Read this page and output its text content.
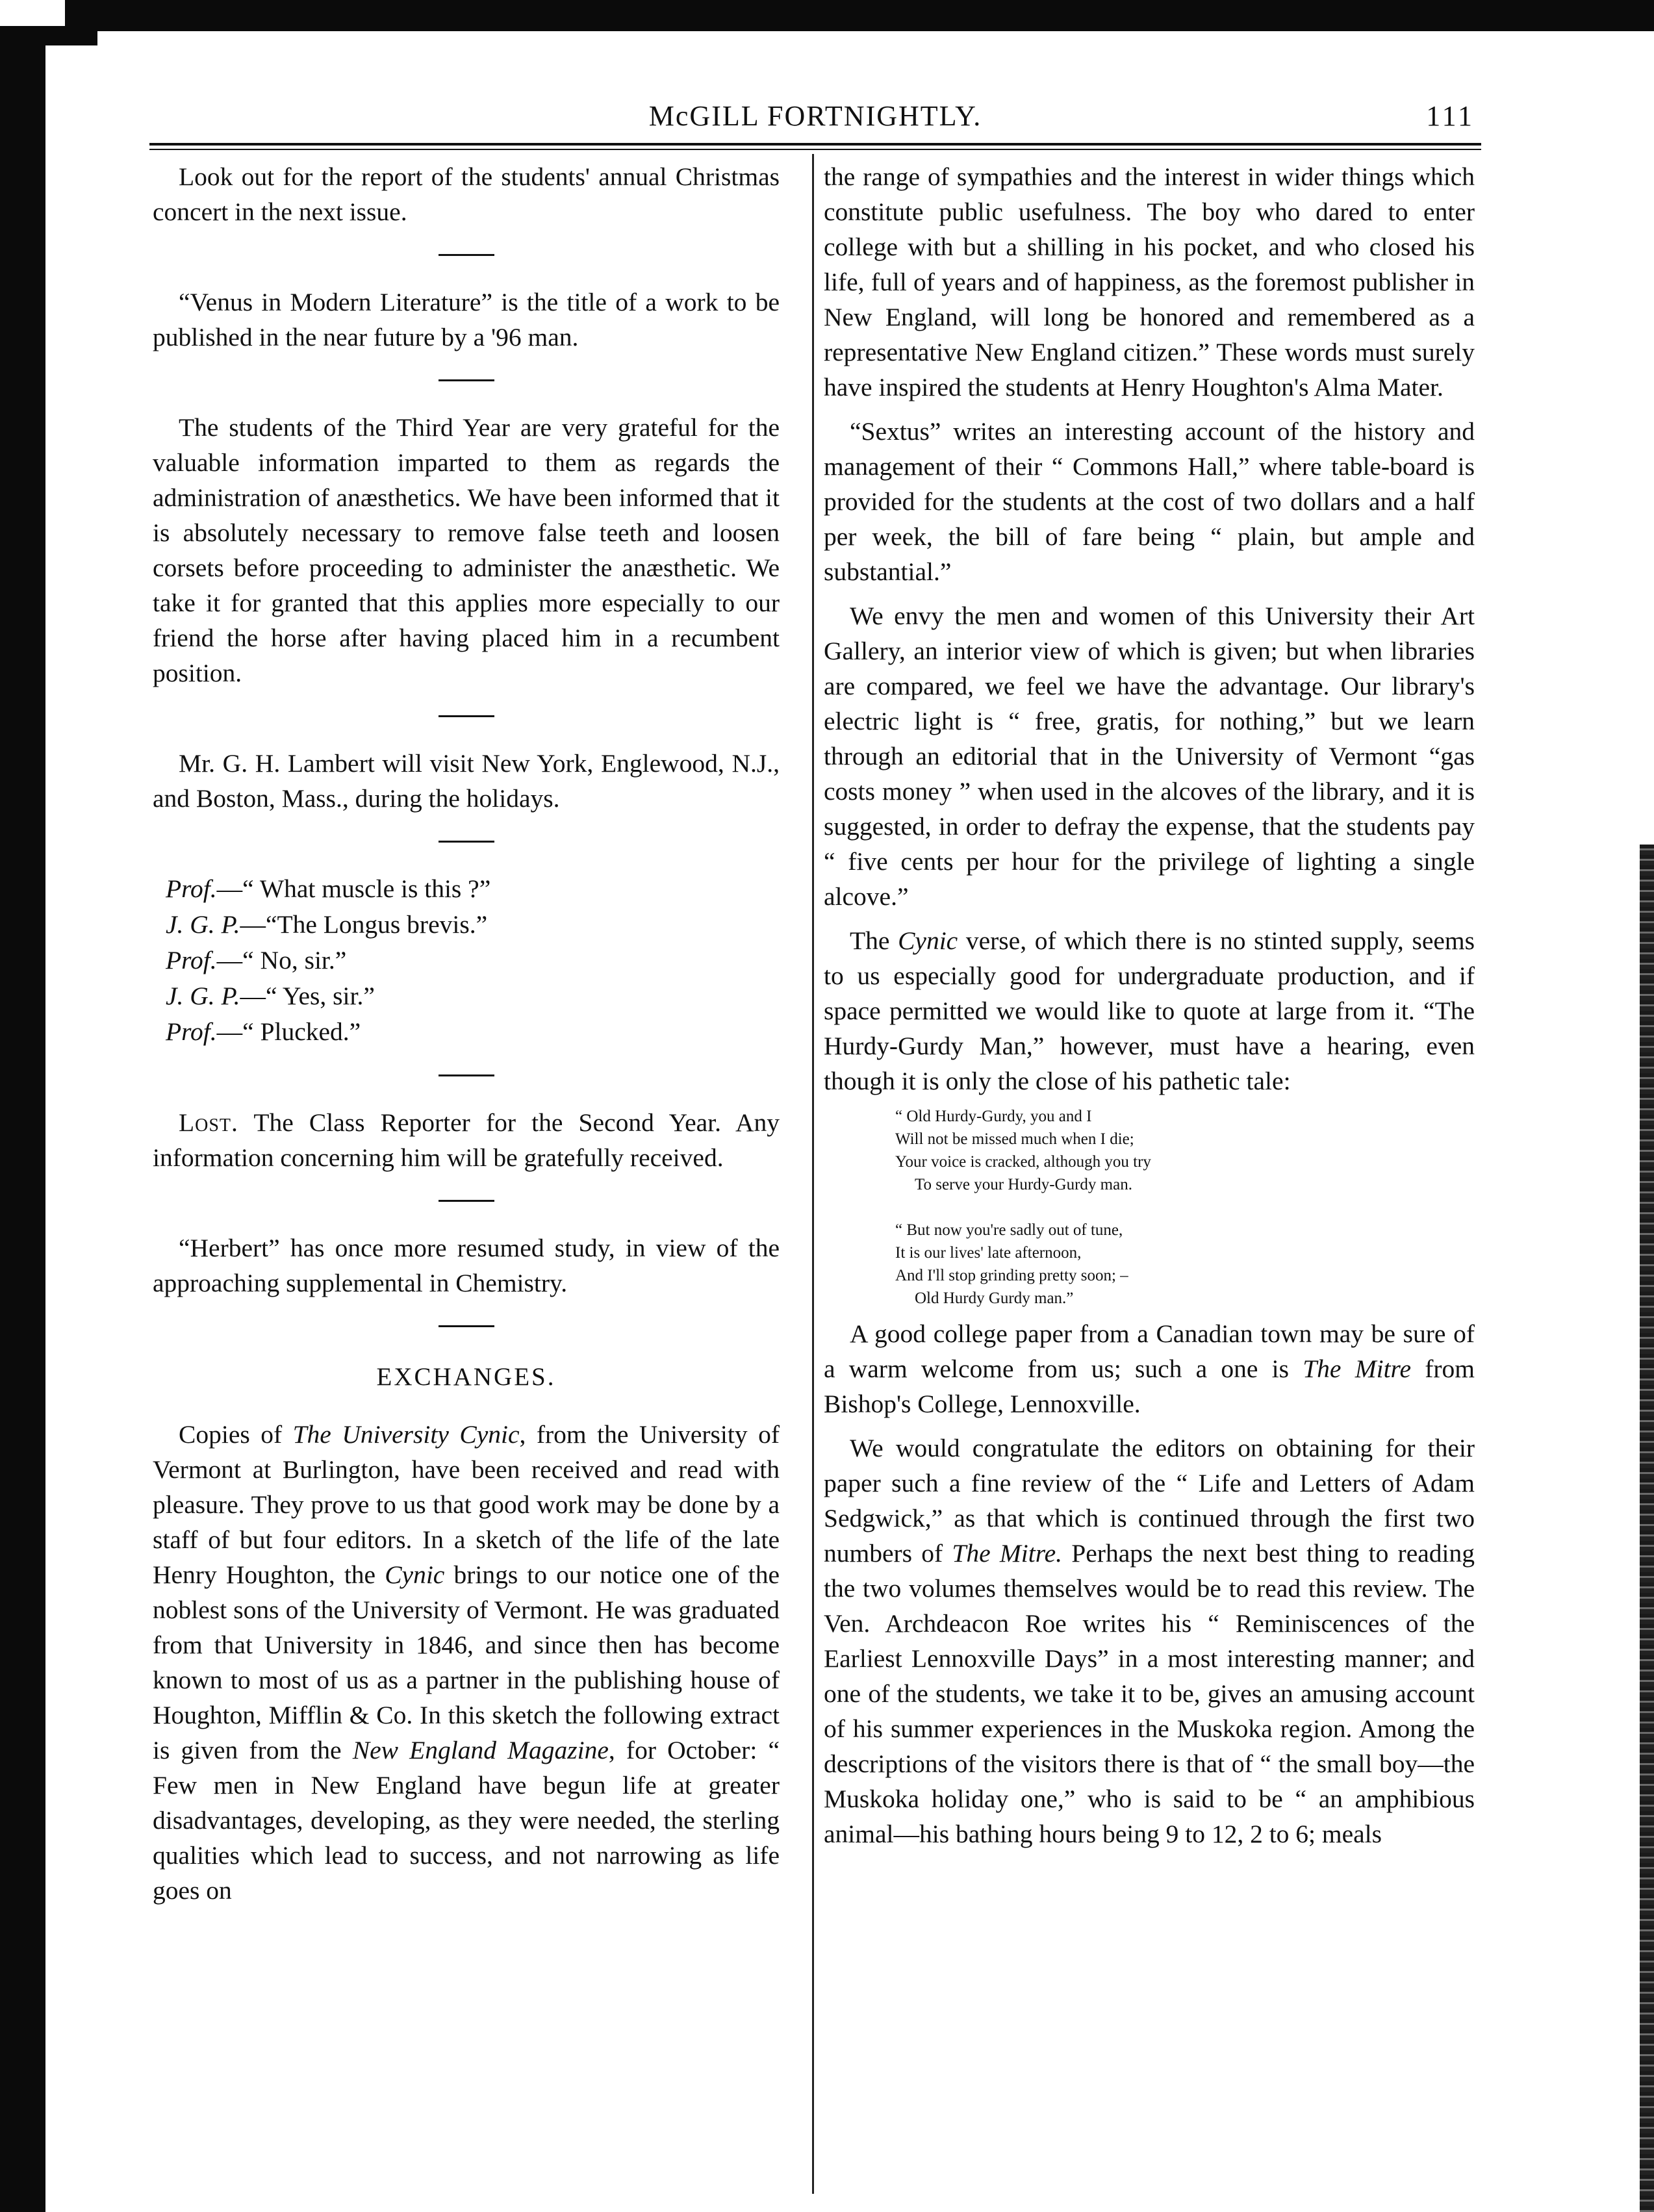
McGILL FORTNIGHTLY.	111

Look out for the report of the students' annual Christmas concert in the next issue.

“Venus in Modern Literature” is the title of a work to be published in the near future by a '96 man.

The students of the Third Year are very grateful for the valuable information imparted to them as regards the administration of anæsthetics. We have been informed that it is absolutely necessary to remove false teeth and loosen corsets before proceeding to administer the anæsthetic. We take it for granted that this applies more especially to our friend the horse after having placed him in a recumbent position.

Mr. G. H. Lambert will visit New York, Englewood, N.J., and Boston, Mass., during the holidays.

Prof.—“ What muscle is this ?”
J. G. P.—“The Longus brevis.”
Prof.—“ No, sir.”
J. G. P.—“ Yes, sir.”
Prof.—“ Plucked.”

Lost. The Class Reporter for the Second Year. Any information concerning him will be gratefully received.

“Herbert” has once more resumed study, in view of the approaching supplemental in Chemistry.

EXCHANGES.

Copies of The University Cynic, from the University of Vermont at Burlington, have been received and read with pleasure. They prove to us that good work may be done by a staff of but four editors. In a sketch of the life of the late Henry Houghton, the Cynic brings to our notice one of the noblest sons of the University of Vermont. He was graduated from that University in 1846, and since then has become known to most of us as a partner in the publishing house of Houghton, Mifflin & Co. In this sketch the following extract is given from the New England Magazine, for October: “ Few men in New England have begun life at greater disadvantages, developing, as they were needed, the sterling qualities which lead to success, and not narrowing as life goes on

the range of sympathies and the interest in wider things which constitute public usefulness. The boy who dared to enter college with but a shilling in his pocket, and who closed his life, full of years and of happiness, as the foremost publisher in New England, will long be honored and remembered as a representative New England citizen.” These words must surely have inspired the students at Henry Houghton's Alma Mater.

“Sextus” writes an interesting account of the history and management of their “ Commons Hall,” where table-board is provided for the students at the cost of two dollars and a half per week, the bill of fare being “ plain, but ample and substantial.”

We envy the men and women of this University their Art Gallery, an interior view of which is given; but when libraries are compared, we feel we have the advantage. Our library's electric light is “ free, gratis, for nothing,” but we learn through an editorial that in the University of Vermont “gas costs money ” when used in the alcoves of the library, and it is suggested, in order to defray the expense, that the students pay “ five cents per hour for the privilege of lighting a single alcove.”

The Cynic verse, of which there is no stinted supply, seems to us especially good for undergraduate production, and if space permitted we would like to quote at large from it. “The Hurdy-Gurdy Man,” however, must have a hearing, even though it is only the close of his pathetic tale:

“ Old Hurdy-Gurdy, you and I
Will not be missed much when I die;
Your voice is cracked, although you try
To serve your Hurdy-Gurdy man.
“ But now you're sadly out of tune,
It is our lives' late afternoon,
And I'll stop grinding pretty soon; –
Old Hurdy Gurdy man.”

A good college paper from a Canadian town may be sure of a warm welcome from us; such a one is The Mitre from Bishop's College, Lennoxville.

We would congratulate the editors on obtaining for their paper such a fine review of the “ Life and Letters of Adam Sedgwick,” as that which is continued through the first two numbers of The Mitre. Perhaps the next best thing to reading the two volumes themselves would be to read this review. The Ven. Archdeacon Roe writes his “ Reminiscences of the Earliest Lennoxville Days” in a most interesting manner; and one of the students, we take it to be, gives an amusing account of his summer experiences in the Muskoka region. Among the descriptions of the visitors there is that of “ the small boy—the Muskoka holiday one,” who is said to be “ an amphibious animal—his bathing hours being 9 to 12, 2 to 6; meals
